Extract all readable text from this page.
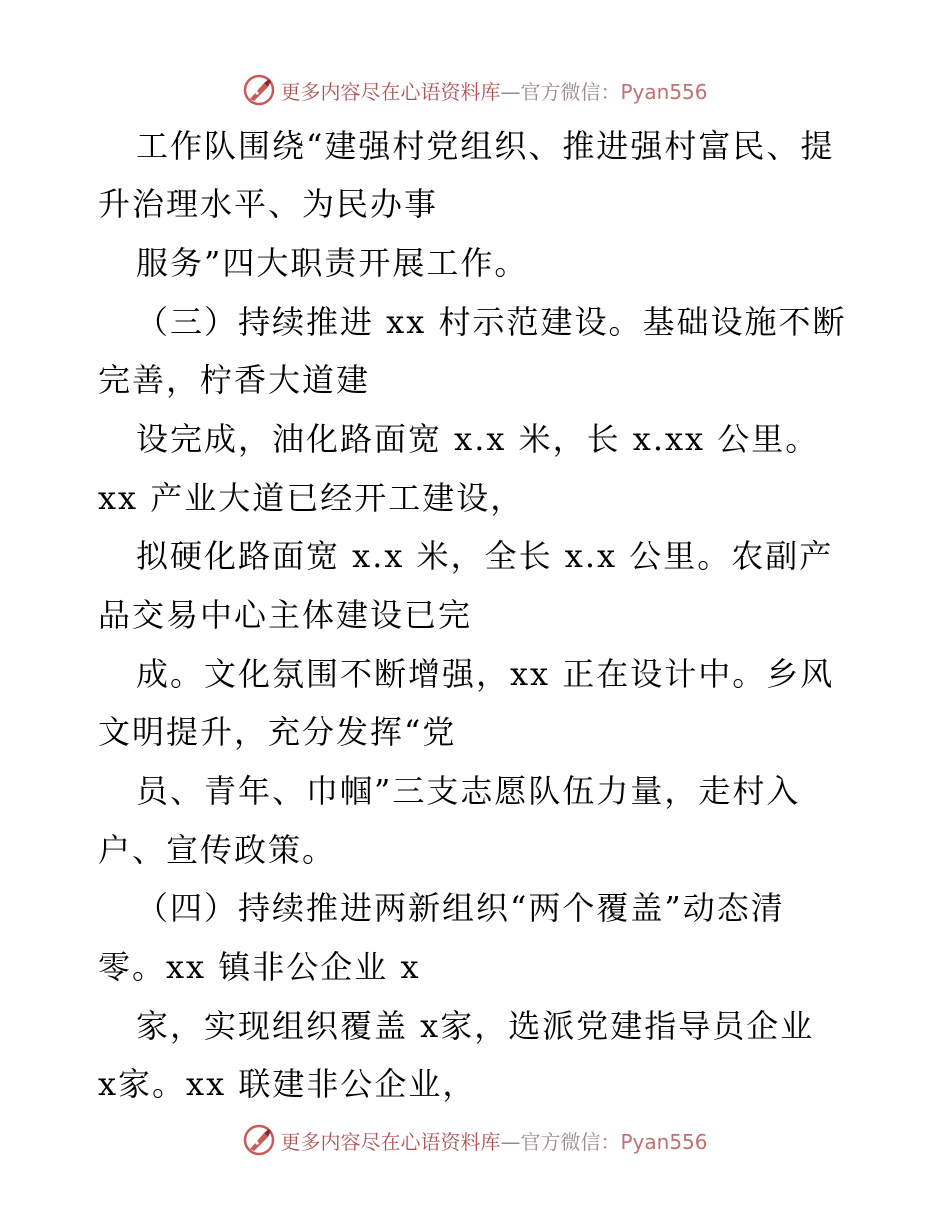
更多内容尽在心语资料库—官方微信：Pyan556
工作队围绕“建强村党组织、推进强村富民、提
升治理水平、为民办事
服务”四大职责开展工作。
（三）持续推进 xx 村示范建设。基础设施不断
完善，柠香大道建
设完成，油化路面宽 x.x 米，长 x.xx 公里。
xx 产业大道已经开工建设，
拟硬化路面宽 x.x 米，全长 x.x 公里。农副产
品交易中心主体建设已完
成。文化氛围不断增强，xx 正在设计中。乡风
文明提升，充分发挥“党
员、青年、巾帼”三支志愿队伍力量，走村入
户、宣传政策。
（四）持续推进两新组织“两个覆盖”动态清
零。xx 镇非公企业 x
家，实现组织覆盖 x家，选派党建指导员企业
x家。xx 联建非公企业，
更多内容尽在心语资料库—官方微信：Pyan556
